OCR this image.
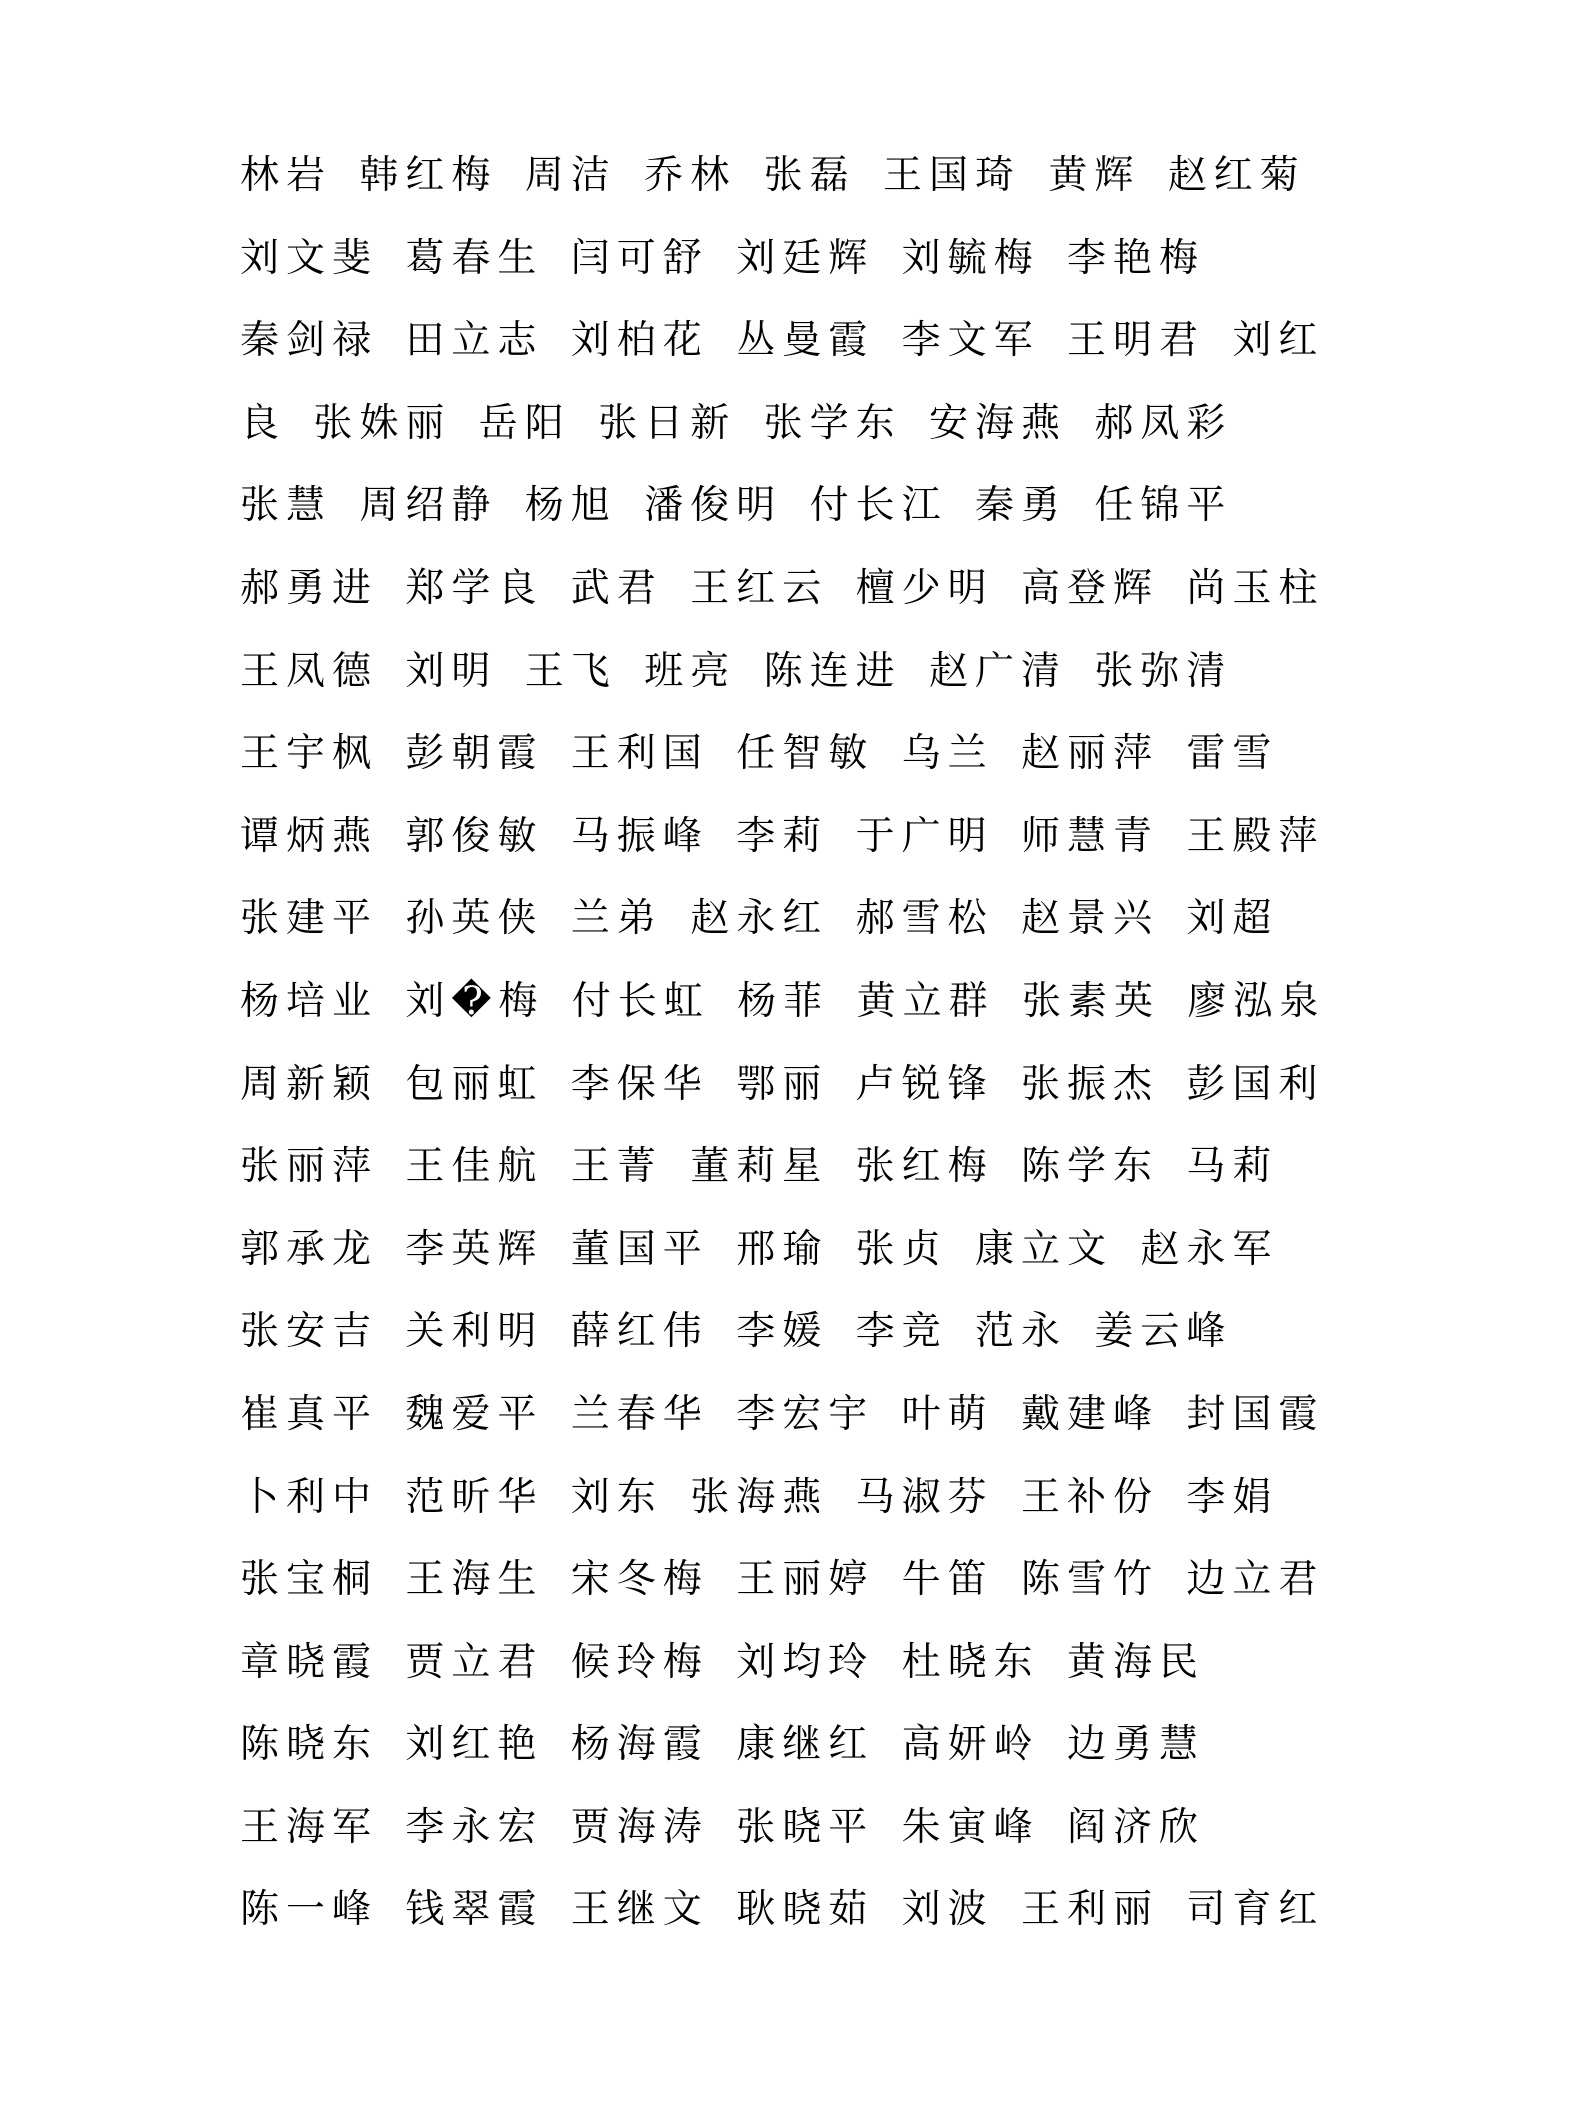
林岩 韩红梅 周洁 乔林 张磊 王国琦 黄辉 赵红菊
刘文斐 葛春生 闫可舒 刘廷辉 刘毓梅 李艳梅
秦剑禄 田立志 刘柏花 丛曼霞 李文军 王明君 刘红
良 张姝丽 岳阳 张日新 张学东 安海燕 郝凤彩
张慧 周绍静 杨旭 潘俊明 付长江 秦勇 任锦平
郝勇进 郑学良 武君 王红云 檀少明 高登辉 尚玉柱
王凤德 刘明 王飞 班亮 陈连进 赵广清 张弥清
王宇枫 彭朝霞 王利国 任智敏 乌兰 赵丽萍 雷雪
谭炳燕 郭俊敏 马振峰 李莉 于广明 师慧青 王殿萍
张建平 孙英侠 兰弟 赵永红 郝雪松 赵景兴 刘超
杨培业 刘�梅 付长虹 杨菲 黄立群 张素英 廖泓泉
周新颖 包丽虹 李保华 鄂丽 卢锐锋 张振杰 彭国利
张丽萍 王佳航 王菁 董莉星 张红梅 陈学东 马莉
郭承龙 李英辉 董国平 邢瑜 张贞 康立文 赵永军
张安吉 关利明 薛红伟 李媛 李竞 范永 姜云峰
崔真平 魏爱平 兰春华 李宏宇 叶萌 戴建峰 封国霞
卜利中 范昕华 刘东 张海燕 马淑芬 王补份 李娟
张宝桐 王海生 宋冬梅 王丽婷 牛笛 陈雪竹 边立君
章晓霞 贾立君 候玲梅 刘均玲 杜晓东 黄海民
陈晓东 刘红艳 杨海霞 康继红 高妍岭 边勇慧
王海军 李永宏 贾海涛 张晓平 朱寅峰 阎济欣
陈一峰 钱翠霞 王继文 耿晓茹 刘波 王利丽 司育红
